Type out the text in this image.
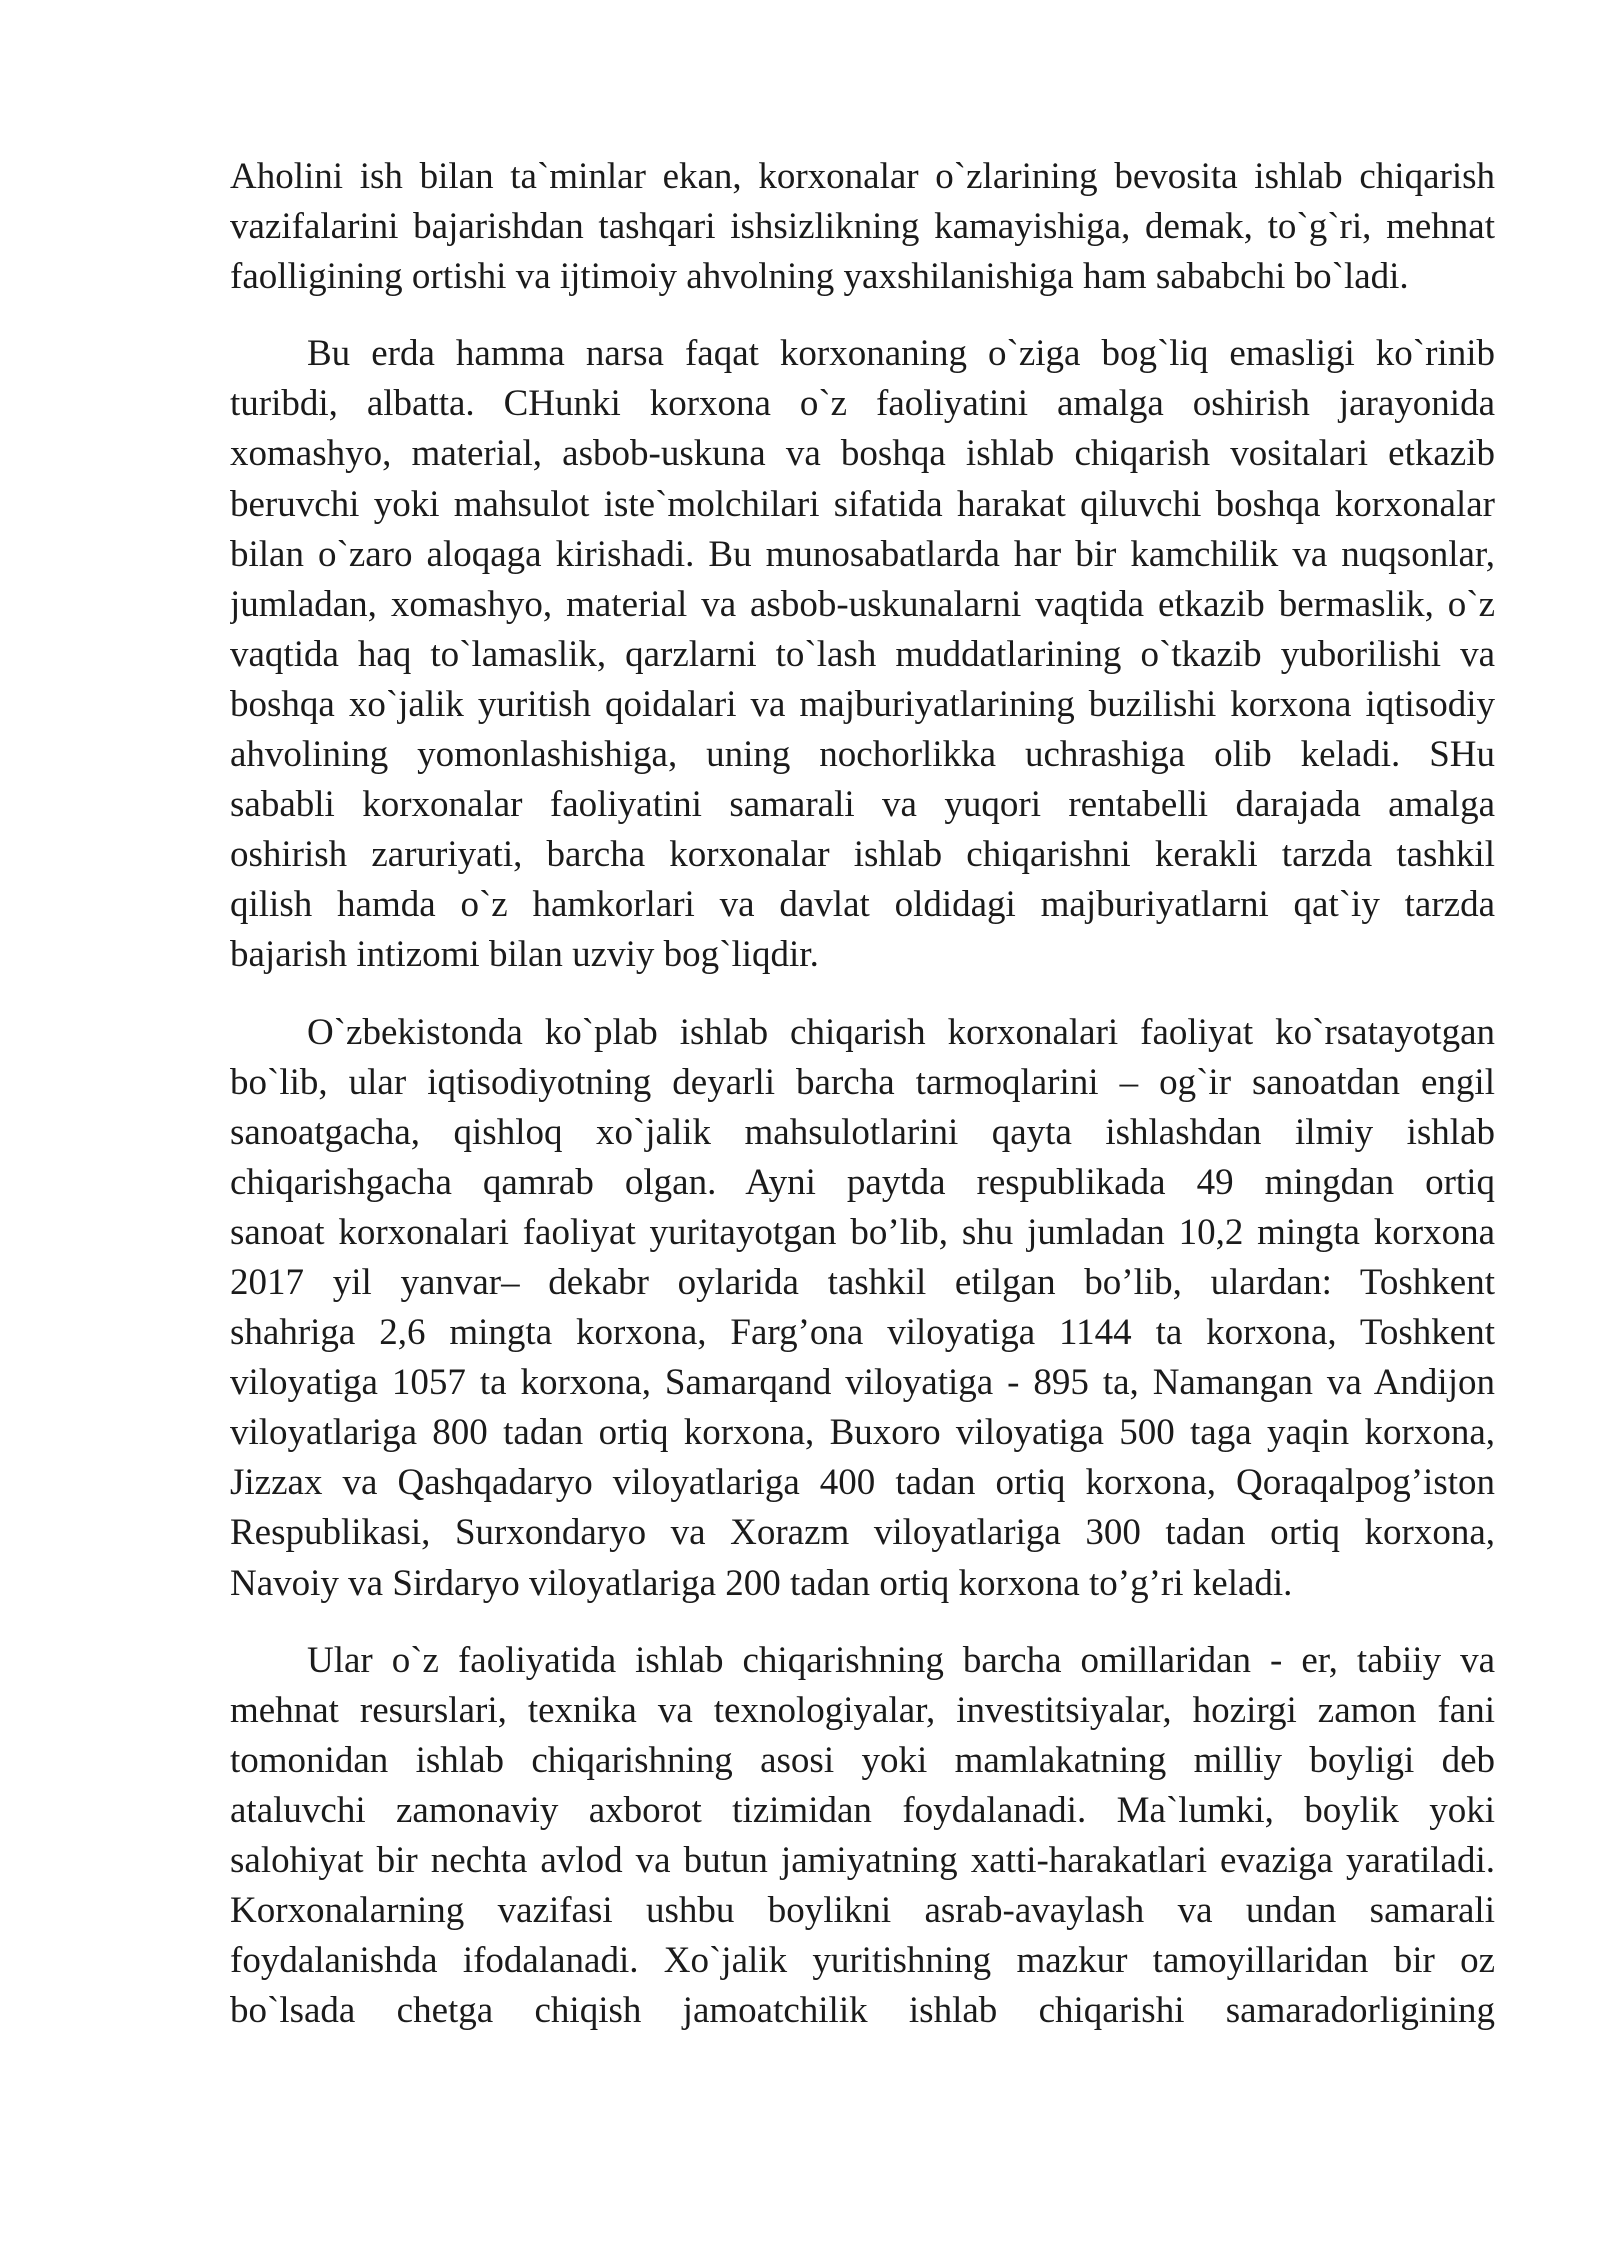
Aholini ish bilan ta`minlar ekan, korxonalar o`zlarining bevosita ishlab chiqarish
vazifalarini bajarishdan tashqari ishsizlikning kamayishiga, demak, to`g`ri, mehnat
faolligining ortishi va ijtimoiy ahvolning yaxshilanishiga ham sababchi bo`ladi.
Bu erda hamma narsa faqat korxonaning o`ziga bog`liq emasligi ko`rinib
turibdi, albatta. CHunki korxona o`z faoliyatini amalga oshirish jarayonida
xomashyo, material, asbob-uskuna va boshqa ishlab chiqarish vositalari etkazib
beruvchi yoki mahsulot iste`molchilari sifatida harakat qiluvchi boshqa korxonalar
bilan o`zaro aloqaga kirishadi. Bu munosabatlarda har bir kamchilik va nuqsonlar,
jumladan, xomashyo, material va asbob-uskunalarni vaqtida etkazib bermaslik, o`z
vaqtida haq to`lamaslik, qarzlarni to`lash muddatlarining o`tkazib yuborilishi va
boshqa xo`jalik yuritish qoidalari va majburiyatlarining buzilishi korxona iqtisodiy
ahvolining yomonlashishiga, uning nochorlikka uchrashiga olib keladi. SHu
sababli korxonalar faoliyatini samarali va yuqori rentabelli darajada amalga
oshirish zaruriyati, barcha korxonalar ishlab chiqarishni kerakli tarzda tashkil
qilish hamda o`z hamkorlari va davlat oldidagi majburiyatlarni qat`iy tarzda
bajarish intizomi bilan uzviy bog`liqdir.
O`zbekistonda ko`plab ishlab chiqarish korxonalari faoliyat ko`rsatayotgan
bo`lib, ular iqtisodiyotning deyarli barcha tarmoqlarini – og`ir sanoatdan engil
sanoatgacha, qishloq xo`jalik mahsulotlarini qayta ishlashdan ilmiy ishlab
chiqarishgacha qamrab olgan. Ayni paytda respublikada 49 mingdan ortiq
sanoat korxonalari faoliyat yuritayotgan bo’lib, shu jumladan 10,2 mingta korxona
2017 yil yanvar– dekabr oylarida tashkil etilgan bo’lib, ulardan: Toshkent
shahriga 2,6 mingta korxona, Farg’ona viloyatiga 1144 ta korxona, Toshkent
viloyatiga 1057 ta korxona, Samarqand viloyatiga - 895 ta, Namangan va Andijon
viloyatlariga 800 tadan ortiq korxona, Buxoro viloyatiga 500 taga yaqin korxona,
Jizzax va Qashqadaryo viloyatlariga 400 tadan ortiq korxona, Qoraqalpog’iston
Respublikasi, Surxondaryo va Xorazm viloyatlariga 300 tadan ortiq korxona,
Navoiy va Sirdaryo viloyatlariga 200 tadan ortiq korxona to’g’ri keladi.
Ular o`z faoliyatida ishlab chiqarishning barcha omillaridan - er, tabiiy va
mehnat resurslari, texnika va texnologiyalar, investitsiyalar, hozirgi zamon fani
tomonidan ishlab chiqarishning asosi yoki mamlakatning milliy boyligi deb
ataluvchi zamonaviy axborot tizimidan foydalanadi. Ma`lumki, boylik yoki
salohiyat bir nechta avlod va butun jamiyatning xatti-harakatlari evaziga yaratiladi.
Korxonalarning vazifasi ushbu boylikni asrab-avaylash va undan samarali
foydalanishda ifodalanadi. Xo`jalik yuritishning mazkur tamoyillaridan bir oz
bo`lsada chetga chiqish jamoatchilik ishlab chiqarishi samaradorligining
